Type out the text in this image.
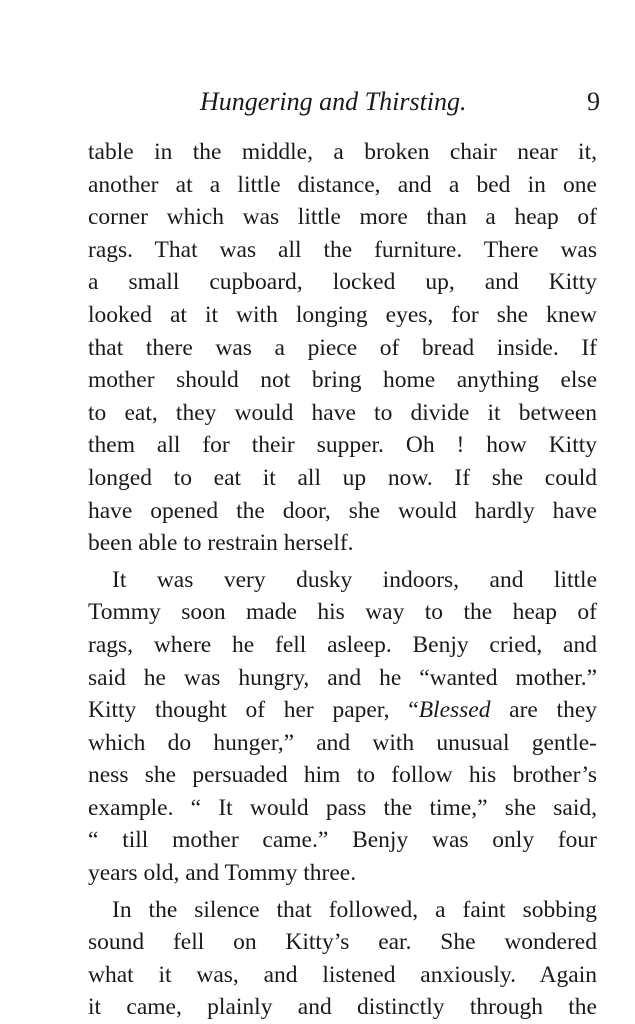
Hungering and Thirsting.	9
table in the middle, a broken chair near it,
another at a little distance, and a bed in one
corner which was little more than a heap of
rags. That was all the furniture. There was
a small cupboard, locked up, and Kitty
looked at it with longing eyes, for she knew
that there was a piece of bread inside. If
mother should not bring home anything else
to eat, they would have to divide it between
them all for their supper. Oh ! how Kitty
longed to eat it all up now. If she could
have opened the door, she would hardly have
been able to restrain herself.
It was very dusky indoors, and little
Tommy soon made his way to the heap of
rags, where he fell asleep. Benjy cried, and
said he was hungry, and he “wanted mother.”
Kitty thought of her paper, “Blessed are they
which do hunger,” and with unusual gentle-
ness she persuaded him to follow his brother’s
example. “ It would pass the time,” she said,
“ till mother came.” Benjy was only four
years old, and Tommy three.
In the silence that followed, a faint sobbing
sound fell on Kitty’s ear. She wondered
what it was, and listened anxiously. Again
it came, plainly and distinctly through the
